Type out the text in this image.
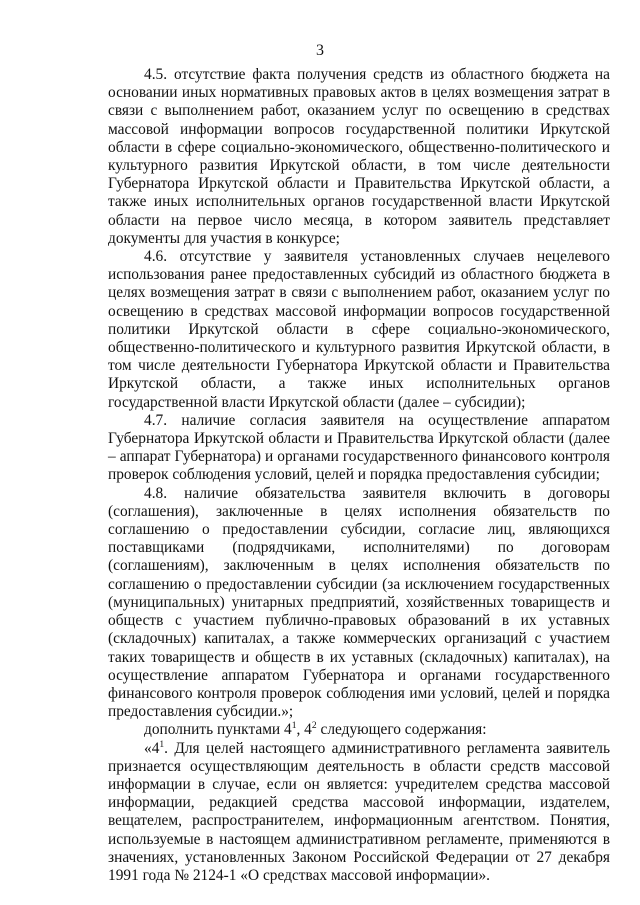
3

4.5. отсутствие факта получения средств из областного бюджета на основании иных нормативных правовых актов в целях возмещения затрат в связи с выполнением работ, оказанием услуг по освещению в средствах массовой информации вопросов государственной политики Иркутской области в сфере социально-экономического, общественно-политического и культурного развития Иркутской области, в том числе деятельности Губернатора Иркутской области и Правительства Иркутской области, а также иных исполнительных органов государственной власти Иркутской области на первое число месяца, в котором заявитель представляет документы для участия в конкурсе;

4.6. отсутствие у заявителя установленных случаев нецелевого использования ранее предоставленных субсидий из областного бюджета в целях возмещения затрат в связи с выполнением работ, оказанием услуг по освещению в средствах массовой информации вопросов государственной политики Иркутской области в сфере социально-экономического, общественно-политического и культурного развития Иркутской области, в том числе деятельности Губернатора Иркутской области и Правительства Иркутской области, а также иных исполнительных органов государственной власти Иркутской области (далее – субсидии);

4.7. наличие согласия заявителя на осуществление аппаратом Губернатора Иркутской области и Правительства Иркутской области (далее – аппарат Губернатора) и органами государственного финансового контроля проверок соблюдения условий, целей и порядка предоставления субсидии;

4.8. наличие обязательства заявителя включить в договоры (соглашения), заключенные в целях исполнения обязательств по соглашению о предоставлении субсидии, согласие лиц, являющихся поставщиками (подрядчиками, исполнителями) по договорам (соглашениям), заключенным в целях исполнения обязательств по соглашению о предоставлении субсидии (за исключением государственных (муниципальных) унитарных предприятий, хозяйственных товариществ и обществ с участием публично-правовых образований в их уставных (складочных) капиталах, а также коммерческих организаций с участием таких товариществ и обществ в их уставных (складочных) капиталах), на осуществление аппаратом Губернатора и органами государственного финансового контроля проверок соблюдения ими условий, целей и порядка предоставления субсидии.»;

дополнить пунктами $4^1$, $4^2$ следующего содержания:

«$4^1$. Для целей настоящего административного регламента заявитель признается осуществляющим деятельность в области средств массовой информации в случае, если он является: учредителем средства массовой информации, редакцией средства массовой информации, издателем, вещателем, распространителем, информационным агентством. Понятия, используемые в настоящем административном регламенте, применяются в значениях, установленных Законом Российской Федерации от 27 декабря 1991 года № 2124-1 «О средствах массовой информации».
